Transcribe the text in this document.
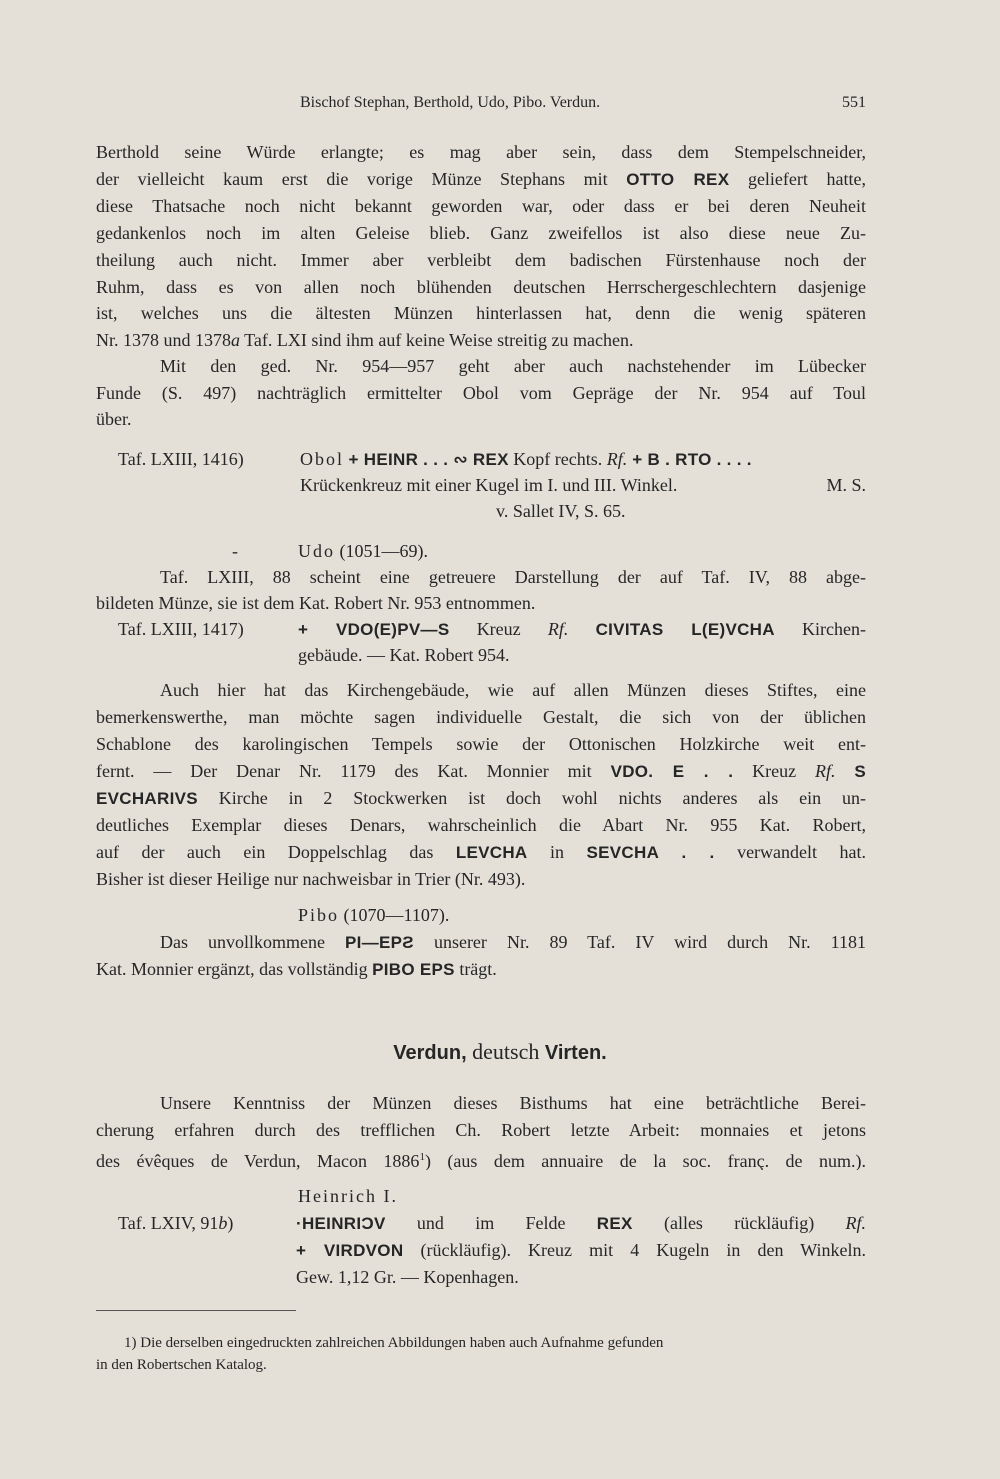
Bischof Stephan, Berthold, Udo, Pibo. Verdun.	551
Berthold seine Würde erlangte; es mag aber sein, dass dem Stempelschneider,
der vielleicht kaum erst die vorige Münze Stephans mit OTTO REX geliefert hatte,
diese Thatsache noch nicht bekannt geworden war, oder dass er bei deren Neuheit
gedankenlos noch im alten Geleise blieb. Ganz zweifellos ist also diese neue Zu-
theilung auch nicht. Immer aber verbleibt dem badischen Fürstenhause noch der
Ruhm, dass es von allen noch blühenden deutschen Herrschergeschlechtern dasjenige
ist, welches uns die ältesten Münzen hinterlassen hat, denn die wenig späteren
Nr. 1378 und 1378a Taf. LXI sind ihm auf keine Weise streitig zu machen.
Mit den ged. Nr. 954—957 geht aber auch nachstehender im Lübecker
Funde (S. 497) nachträglich ermittelter Obol vom Gepräge der Nr. 954 auf Toul
über.
Taf. LXIII, 1416)	Obol + HEINR . . . ∾ REX Kopf rechts. Rf. + B . RTO . . . .
Krückenkreuz mit einer Kugel im I. und III. Winkel.	M. S.
v. Sallet IV, S. 65.
-	Udo (1051—69).
Taf. LXIII, 88 scheint eine getreuere Darstellung der auf Taf. IV, 88 abge-
bildeten Münze, sie ist dem Kat. Robert Nr. 953 entnommen.
Taf. LXIII, 1417)	+ VDO(E)PV—S Kreuz Rf. CIVITAS L(E)VCHA Kirchen-
gebäude. — Kat. Robert 954.
Auch hier hat das Kirchengebäude, wie auf allen Münzen dieses Stiftes, eine
bemerkenswerthe, man möchte sagen individuelle Gestalt, die sich von der üblichen
Schablone des karolingischen Tempels sowie der Ottonischen Holzkirche weit ent-
fernt. — Der Denar Nr. 1179 des Kat. Monnier mit VDO. E . . Kreuz Rf. S
EVCHARIVS Kirche in 2 Stockwerken ist doch wohl nichts anderes als ein un-
deutliches Exemplar dieses Denars, wahrscheinlich die Abart Nr. 955 Kat. Robert,
auf der auch ein Doppelschlag das LEVCHA in SEVCHA . . verwandelt hat.
Bisher ist dieser Heilige nur nachweisbar in Trier (Nr. 493).
Pibo (1070—1107).
Das unvollkommene PI—EPƧ unserer Nr. 89 Taf. IV wird durch Nr. 1181
Kat. Monnier ergänzt, das vollständig PIBO EPS trägt.
Verdun, deutsch Virten.
Unsere Kenntniss der Münzen dieses Bisthums hat eine beträchtliche Berei-
cherung erfahren durch des trefflichen Ch. Robert letzte Arbeit: monnaies et jetons
des évêques de Verdun, Macon 1886$^1$) (aus dem annuaire de la soc. franç. de num.).
Heinrich I.
Taf. LXIV, 91b)	·HEINRIϽV und im Felde REX (alles rückläufig) Rf.
+ VIRDVON (rückläufig). Kreuz mit 4 Kugeln in den Winkeln.
Gew. 1,12 Gr. — Kopenhagen.
1) Die derselben eingedruckten zahlreichen Abbildungen haben auch Aufnahme gefunden
in den Robertschen Katalog.
